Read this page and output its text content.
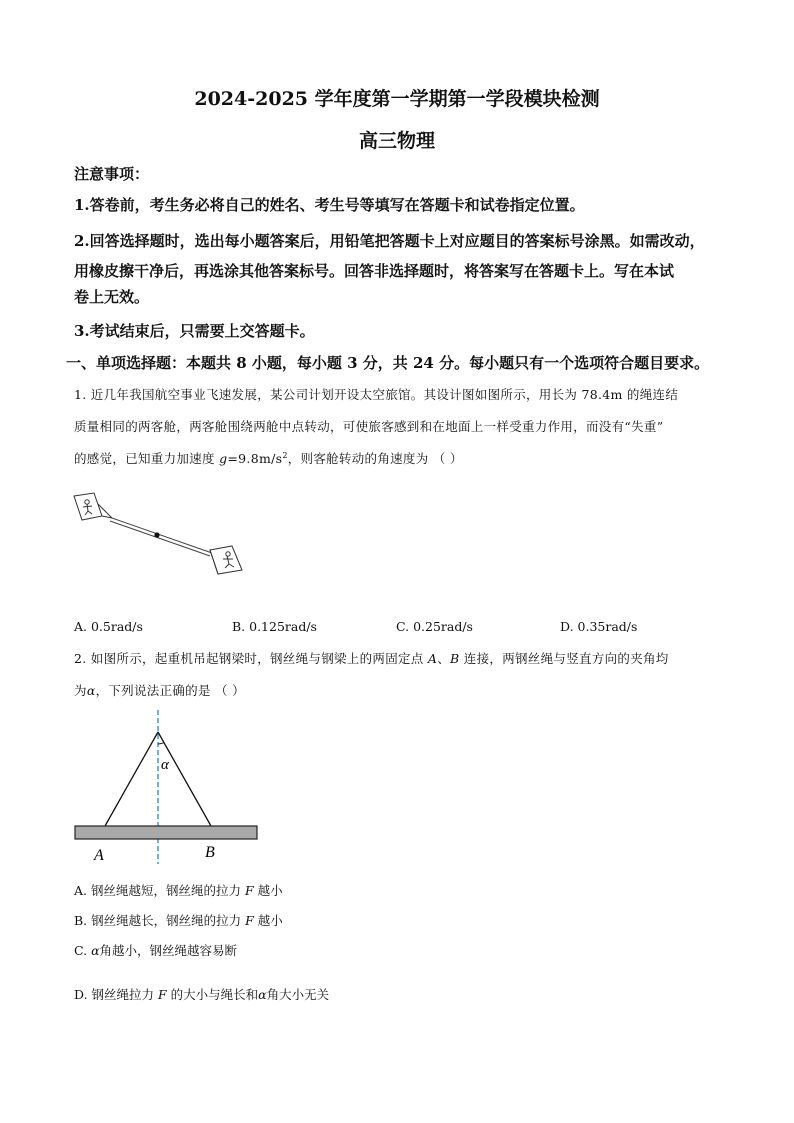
2024-2025 学年度第一学期第一学段模块检测
高三物理
注意事项：
1.答卷前，考生务必将自己的姓名、考生号等填写在答题卡和试卷指定位置。
2.回答选择题时，选出每小题答案后，用铅笔把答题卡上对应题目的答案标号涂黑。如需改动，
用橡皮擦干净后，再选涂其他答案标号。回答非选择题时，将答案写在答题卡上。写在本试
卷上无效。
3.考试结束后，只需要上交答题卡。
一、单项选择题：本题共 8 小题，每小题 3 分，共 24 分。每小题只有一个选项符合题目要求。
1. 近几年我国航空事业飞速发展，某公司计划开设太空旅馆。其设计图如图所示，用长为 78.4m 的绳连结
质量相同的两客舱，两客舱围绕两舱中点转动，可使旅客感到和在地面上一样受重力作用，而没有“失重”
的感觉，已知重力加速度 $g=9.8m/s^2$，则客舱转动的角速度为 （ ）
A. 0.5rad/s	B. 0.125rad/s	C. 0.25rad/s	D. 0.35rad/s
2. 如图所示，起重机吊起钢梁时，钢丝绳与钢梁上的两固定点 A、B 连接，两钢丝绳与竖直方向的夹角均
为α，下列说法正确的是 （ ）
α
A	B
A. 钢丝绳越短，钢丝绳的拉力 F 越小
B. 钢丝绳越长，钢丝绳的拉力 F 越小
C. α角越小，钢丝绳越容易断
D. 钢丝绳拉力 F 的大小与绳长和α角大小无关
